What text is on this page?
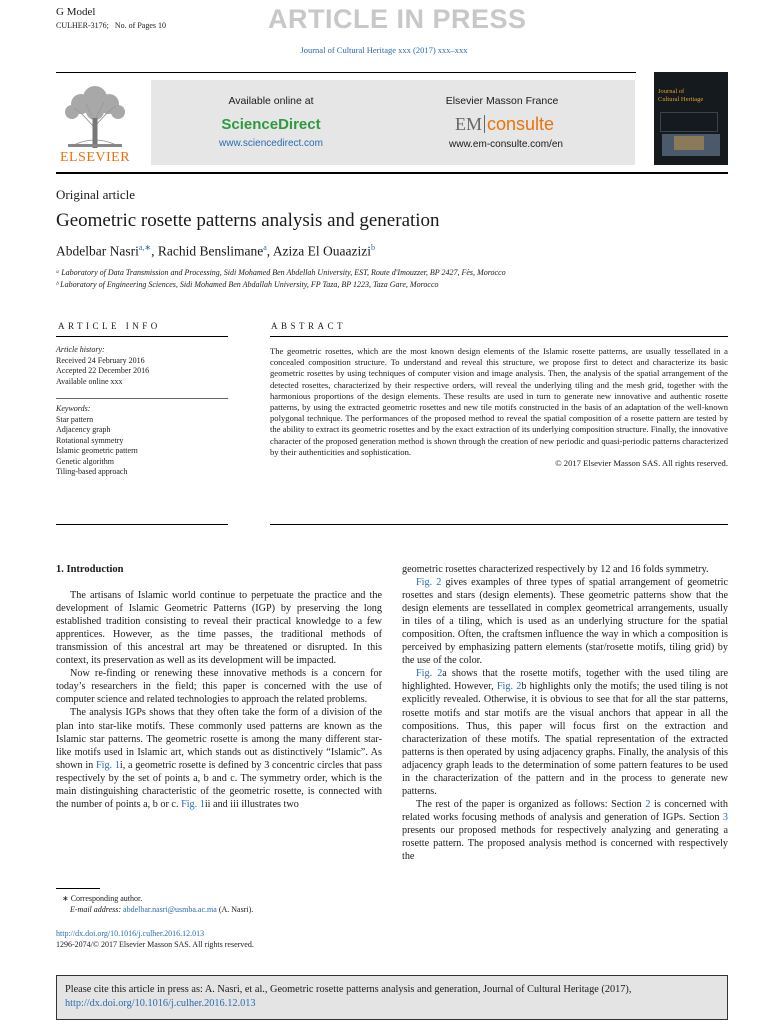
G Model
CULHER-3176; No. of Pages 10	ARTICLE IN PRESS
Journal of Cultural Heritage xxx (2017) xxx–xxx
ELSEVIER
Available online at
ScienceDirect
www.sciencedirect.com
Elsevier Masson France
EM consulte
www.em-consulte.com/en
Journal of
Cultural Heritage
Original article
Geometric rosette patterns analysis and generation
Abdelbar Nasri$^{a,∗}$, Rachid Benslimane$^a$, Aziza El Ouaazizi$^b$
ᵃ Laboratory of Data Transmission and Processing, Sidi Mohamed Ben Abdellah University, EST, Route d'Imouzzer, BP 2427, Fès, Morocco
ᵇ Laboratory of Engineering Sciences, Sidi Mohamed Ben Abdallah University, FP Taza, BP 1223, Taza Gare, Morocco
ARTICLE INFO
Article history:
Received 24 February 2016
Accepted 22 December 2016
Available online xxx
Keywords:
Star pattern
Adjacency graph
Rotational symmetry
Islamic geometric pattern
Genetic algorithm
Tiling-based approach
ABSTRACT
The geometric rosettes, which are the most known design elements of the Islamic rosette patterns, are usually tessellated in a concealed composition structure. To understand and reveal this structure, we propose first to detect and characterize its basic geometric rosettes by using techniques of computer vision and image analysis. Then, the analysis of the spatial arrangement of the detected rosettes, characterized by their respective orders, will reveal the underlying tiling and the mesh grid, together with the harmonious proportions of the design elements. These results are used in turn to generate new innovative and authentic rosette patterns, by using the extracted geometric rosettes and new tile motifs constructed in the basis of an adaptation of the well-known polygonal technique. The performances of the proposed method to reveal the spatial composition of a rosette pattern are tested by the ability to extract its geometric rosettes and by the exact extraction of its underlying composition structure. Finally, the innovative character of the proposed generation method is shown through the creation of new periodic and quasi-periodic patterns characterized by their authenticities and sophistication.
© 2017 Elsevier Masson SAS. All rights reserved.
1. Introduction

The artisans of Islamic world continue to perpetuate the practice and the development of Islamic Geometric Patterns (IGP) by preserving the long established tradition consisting to reveal their practical knowledge to a few apprentices. However, as the time passes, the traditional methods of transmission of this ancestral art may be threatened or disrupted. In this context, its preservation as well as its development will be impacted.

Now re-finding or renewing these innovative methods is a concern for today’s researchers in the field; this paper is concerned with the use of computer science and related technologies to approach the related problems.

The analysis IGPs shows that they often take the form of a division of the plan into star-like motifs. These commonly used patterns are known as the Islamic star patterns. The geometric rosette is among the many different star-like motifs used in Islamic art, which stands out as distinctively “Islamic”. As shown in Fig. 1i, a geometric rosette is defined by 3 concentric circles that pass respectively by the set of points a, b and c. The symmetry order, which is the main distinguishing characteristic of the geometric rosette, is connected with the number of points a, b or c. Fig. 1ii and iii illustrates two

geometric rosettes characterized respectively by 12 and 16 folds symmetry.

Fig. 2 gives examples of three types of spatial arrangement of geometric rosettes and stars (design elements). These geometric patterns show that the design elements are tessellated in complex geometrical arrangements, usually in tiles of a tiling, which is used as an underlying structure for the spatial composition. Often, the craftsmen influence the way in which a composition is perceived by emphasizing pattern elements (star/rosette motifs, tiling grid) by the use of the color.

Fig. 2a shows that the rosette motifs, together with the used tiling are highlighted. However, Fig. 2b highlights only the motifs; the used tiling is not explicitly revealed. Otherwise, it is obvious to see that for all the star patterns, rosette motifs and star motifs are the visual anchors that appear in all the compositions. Thus, this paper will focus first on the extraction and characterization of these motifs. The spatial representation of the extracted patterns is then operated by using adjacency graphs. Finally, the analysis of this adjacency graph leads to the determination of some pattern features to be used in the characterization of the pattern and in the process to generate new patterns.

The rest of the paper is organized as follows: Section 2 is concerned with related works focusing methods of analysis and generation of IGPs. Section 3 presents our proposed methods for respectively analyzing and generating a rosette pattern. The proposed analysis method is concerned with respectively the

∗ Corresponding author.
E-mail address: abdelbar.nasri@usmba.ac.ma (A. Nasri).
http://dx.doi.org/10.1016/j.culher.2016.12.013
1296-2074/© 2017 Elsevier Masson SAS. All rights reserved.
Please cite this article in press as: A. Nasri, et al., Geometric rosette patterns analysis and generation, Journal of Cultural Heritage (2017),
http://dx.doi.org/10.1016/j.culher.2016.12.013
